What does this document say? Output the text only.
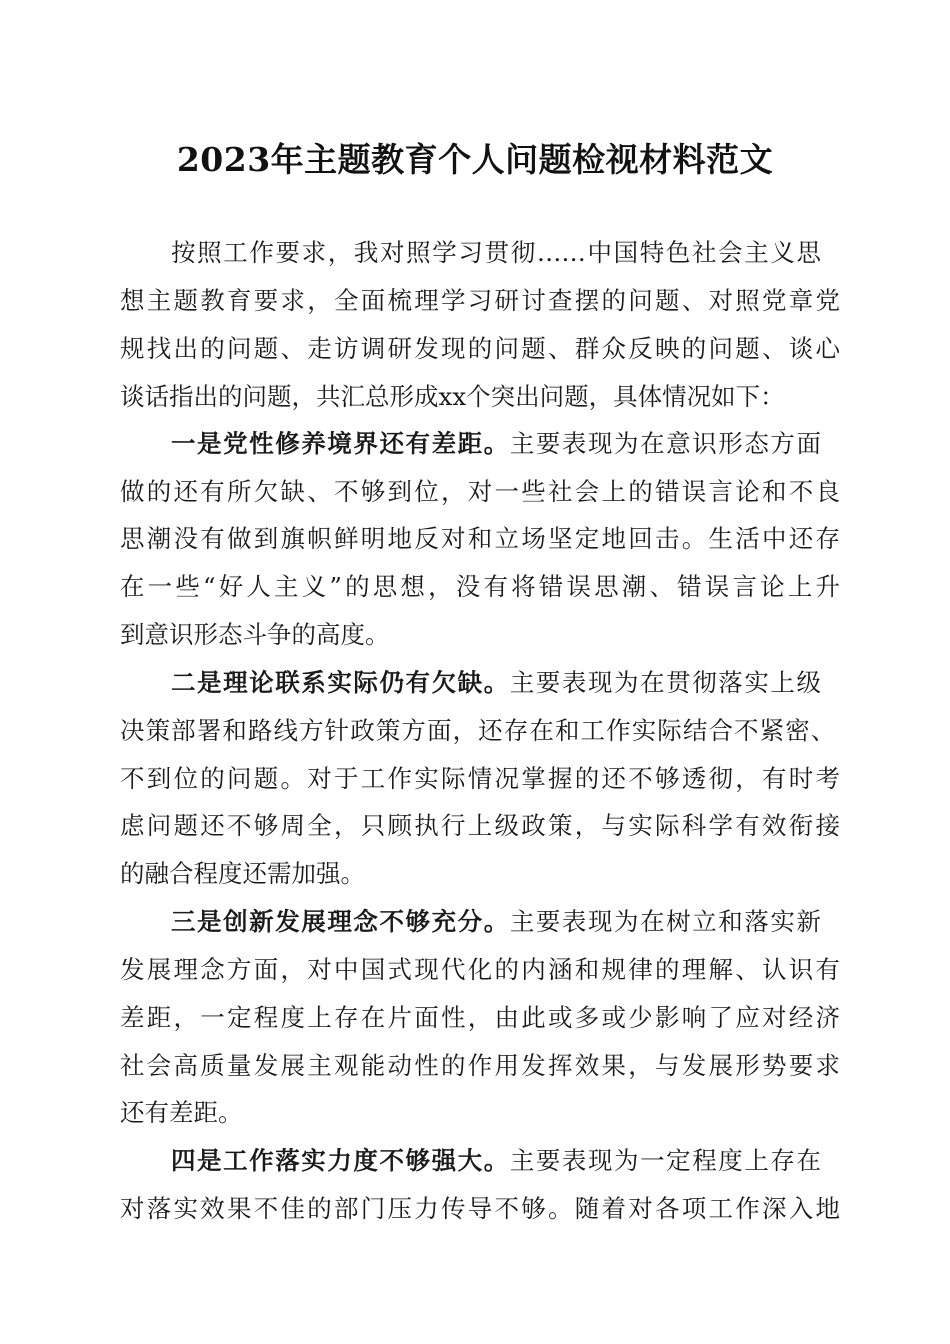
2023年主题教育个人问题检视材料范文
按照工作要求，我对照学习贯彻……中国特色社会主义思
想主题教育要求，全面梳理学习研讨查摆的问题、对照党章党
规找出的问题、走访调研发现的问题、群众反映的问题、谈心
谈话指出的问题，共汇总形成xx个突出问题，具体情况如下：
一是党性修养境界还有差距。主要表现为在意识形态方面
做的还有所欠缺、不够到位，对一些社会上的错误言论和不良
思潮没有做到旗帜鲜明地反对和立场坚定地回击。生活中还存
在一些“好人主义”的思想，没有将错误思潮、错误言论上升
到意识形态斗争的高度。
二是理论联系实际仍有欠缺。主要表现为在贯彻落实上级
决策部署和路线方针政策方面，还存在和工作实际结合不紧密、
不到位的问题。对于工作实际情况掌握的还不够透彻，有时考
虑问题还不够周全，只顾执行上级政策，与实际科学有效衔接
的融合程度还需加强。
三是创新发展理念不够充分。主要表现为在树立和落实新
发展理念方面，对中国式现代化的内涵和规律的理解、认识有
差距，一定程度上存在片面性，由此或多或少影响了应对经济
社会高质量发展主观能动性的作用发挥效果，与发展形势要求
还有差距。
四是工作落实力度不够强大。主要表现为一定程度上存在
对落实效果不佳的部门压力传导不够。随着对各项工作深入地
